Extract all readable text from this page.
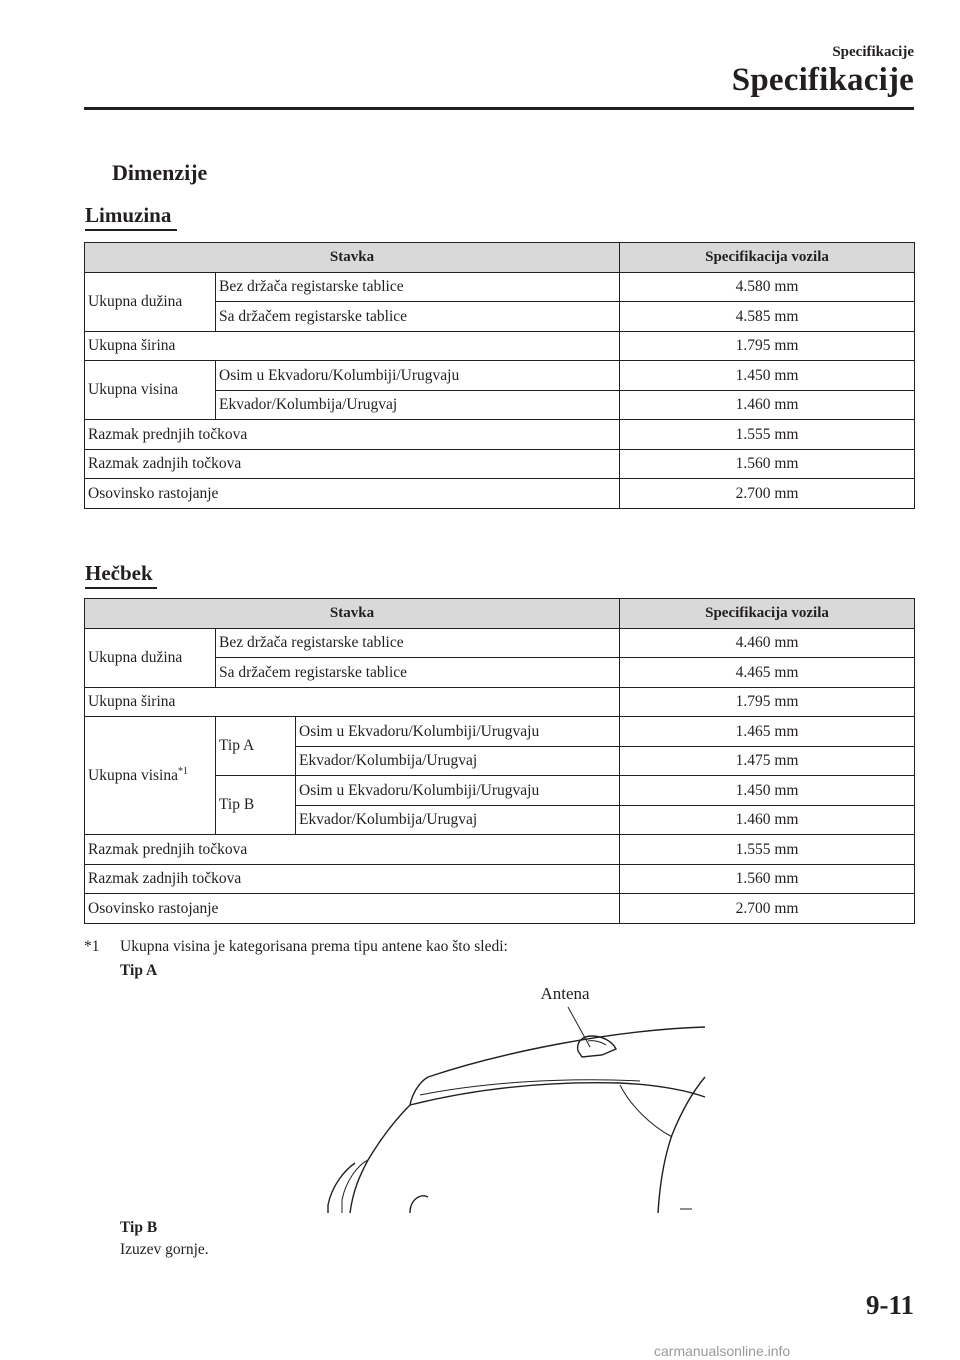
Specifikacije
Specifikacije
Dimenzije
Limuzina
Stavka		Specifikacija vozila
Ukupna dužina	Bez držača registarske tablice	4.580 mm
	Sa držačem registarske tablice	4.585 mm
Ukupna širina		1.795 mm
Ukupna visina	Osim u Ekvadoru/Kolumbiji/Urugvaju	1.450 mm
	Ekvador/Kolumbija/Urugvaj	1.460 mm
Razmak prednjih točkova		1.555 mm
Razmak zadnjih točkova		1.560 mm
Osovinsko rastojanje		2.700 mm
Hečbek
Stavka			Specifikacija vozila
Ukupna dužina	Bez držača registarske tablice		4.460 mm
	Sa držačem registarske tablice		4.465 mm
Ukupna širina			1.795 mm
Ukupna visina$^{*1}$	Tip A	Osim u Ekvadoru/Kolumbiji/Urugvaju	1.465 mm
		Ekvador/Kolumbija/Urugvaj	1.475 mm
	Tip B	Osim u Ekvadoru/Kolumbiji/Urugvaju	1.450 mm
		Ekvador/Kolumbija/Urugvaj	1.460 mm
Razmak prednjih točkova			1.555 mm
Razmak zadnjih točkova			1.560 mm
Osovinsko rastojanje			2.700 mm
*1 Ukupna visina je kategorisana prema tipu antene kao što sledi:
Tip A
Antena
Tip B
Izuzev gornje.
9-11
carmanualsonline.info
